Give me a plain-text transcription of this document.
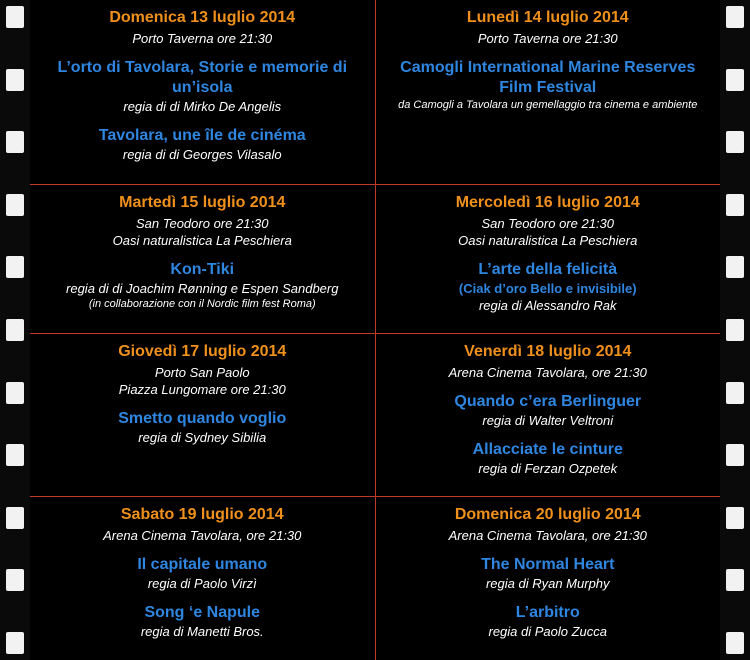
Domenica 13 luglio 2014
Porto Taverna ore 21:30
L’orto di Tavolara, Storie e memorie di un’isola
regia di di Mirko De Angelis
Tavolara, une île de cinéma
regia di di Georges Vilasalo

Lunedì 14 luglio 2014
Porto Taverna ore 21:30
Camogli International Marine Reserves Film Festival
da Camogli a Tavolara un gemellaggio tra cinema e ambiente

Martedì 15 luglio 2014
San Teodoro ore 21:30
Oasi naturalistica La Peschiera
Kon-Tiki
regia di di Joachim Rønning e Espen Sandberg
(in collaborazione con il Nordic film fest Roma)

Mercoledì 16 luglio 2014
San Teodoro ore 21:30
Oasi naturalistica La Peschiera
L’arte della felicità
(Ciak d’oro Bello e invisibile)
regia di Alessandro Rak

Giovedì 17 luglio 2014
Porto San Paolo
Piazza Lungomare ore 21:30
Smetto quando voglio
regia di Sydney Sibilia

Venerdì 18 luglio 2014
Arena Cinema Tavolara, ore 21:30
Quando c’era Berlinguer
regia di Walter Veltroni
Allacciate le cinture
regia di Ferzan Ozpetek

Sabato 19 luglio 2014
Arena Cinema Tavolara, ore 21:30
Il capitale umano
regia di Paolo Virzì
Song ‘e Napule
regia di Manetti Bros.

Domenica 20 luglio 2014
Arena Cinema Tavolara, ore 21:30
The Normal Heart
regia di Ryan Murphy
L’arbitro
regia di Paolo Zucca
